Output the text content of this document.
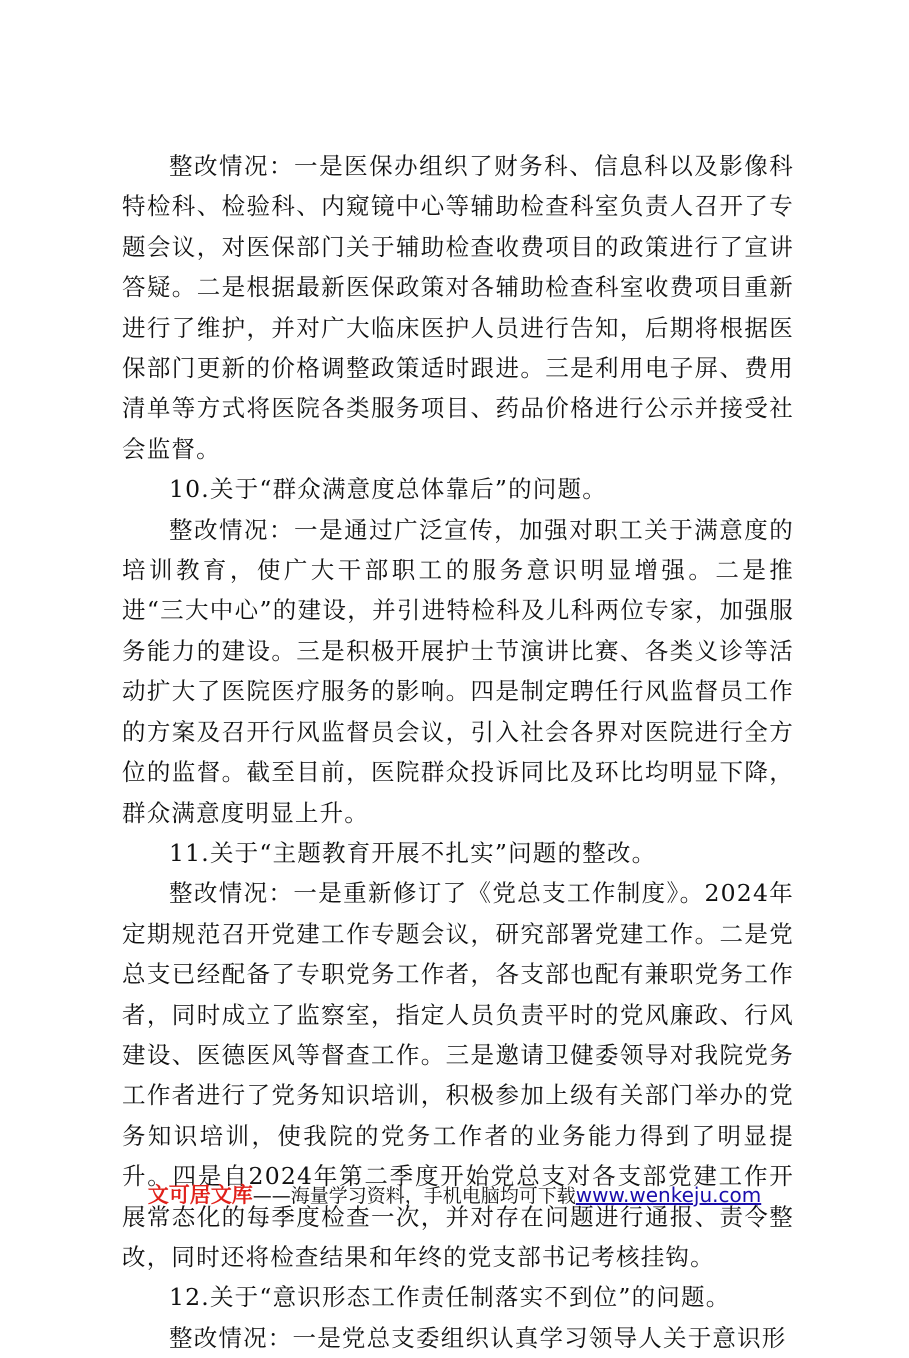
整改情况：一是医保办组织了财务科、信息科以及影像科特检科、检验科、内窥镜中心等辅助检查科室负责人召开了专题会议，对医保部门关于辅助检查收费项目的政策进行了宣讲答疑。二是根据最新医保政策对各辅助检查科室收费项目重新进行了维护，并对广大临床医护人员进行告知，后期将根据医保部门更新的价格调整政策适时跟进。三是利用电子屏、费用清单等方式将医院各类服务项目、药品价格进行公示并接受社会监督。

10.关于“群众满意度总体靠后”的问题。

整改情况：一是通过广泛宣传，加强对职工关于满意度的培训教育，使广大干部职工的服务意识明显增强。二是推进“三大中心”的建设，并引进特检科及儿科两位专家，加强服务能力的建设。三是积极开展护士节演讲比赛、各类义诊等活动扩大了医院医疗服务的影响。四是制定聘任行风监督员工作的方案及召开行风监督员会议，引入社会各界对医院进行全方位的监督。截至目前，医院群众投诉同比及环比均明显下降，群众满意度明显上升。

11.关于“主题教育开展不扎实”问题的整改。

整改情况：一是重新修订了《党总支工作制度》。2024年定期规范召开党建工作专题会议，研究部署党建工作。二是党总支已经配备了专职党务工作者，各支部也配有兼职党务工作者，同时成立了监察室，指定人员负责平时的党风廉政、行风建设、医德医风等督查工作。三是邀请卫健委领导对我院党务工作者进行了党务知识培训，积极参加上级有关部门举办的党务知识培训，使我院的党务工作者的业务能力得到了明显提升。四是自2024年第二季度开始党总支对各支部党建工作开展常态化的每季度检查一次，并对存在问题进行通报、责令整改，同时还将检查结果和年终的党支部书记考核挂钩。

12.关于“意识形态工作责任制落实不到位”的问题。

整改情况：一是党总支委组织认真学习领导人关于意识形

文可居文库——海量学习资料，手机电脑均可下载www.wenkeju.com
